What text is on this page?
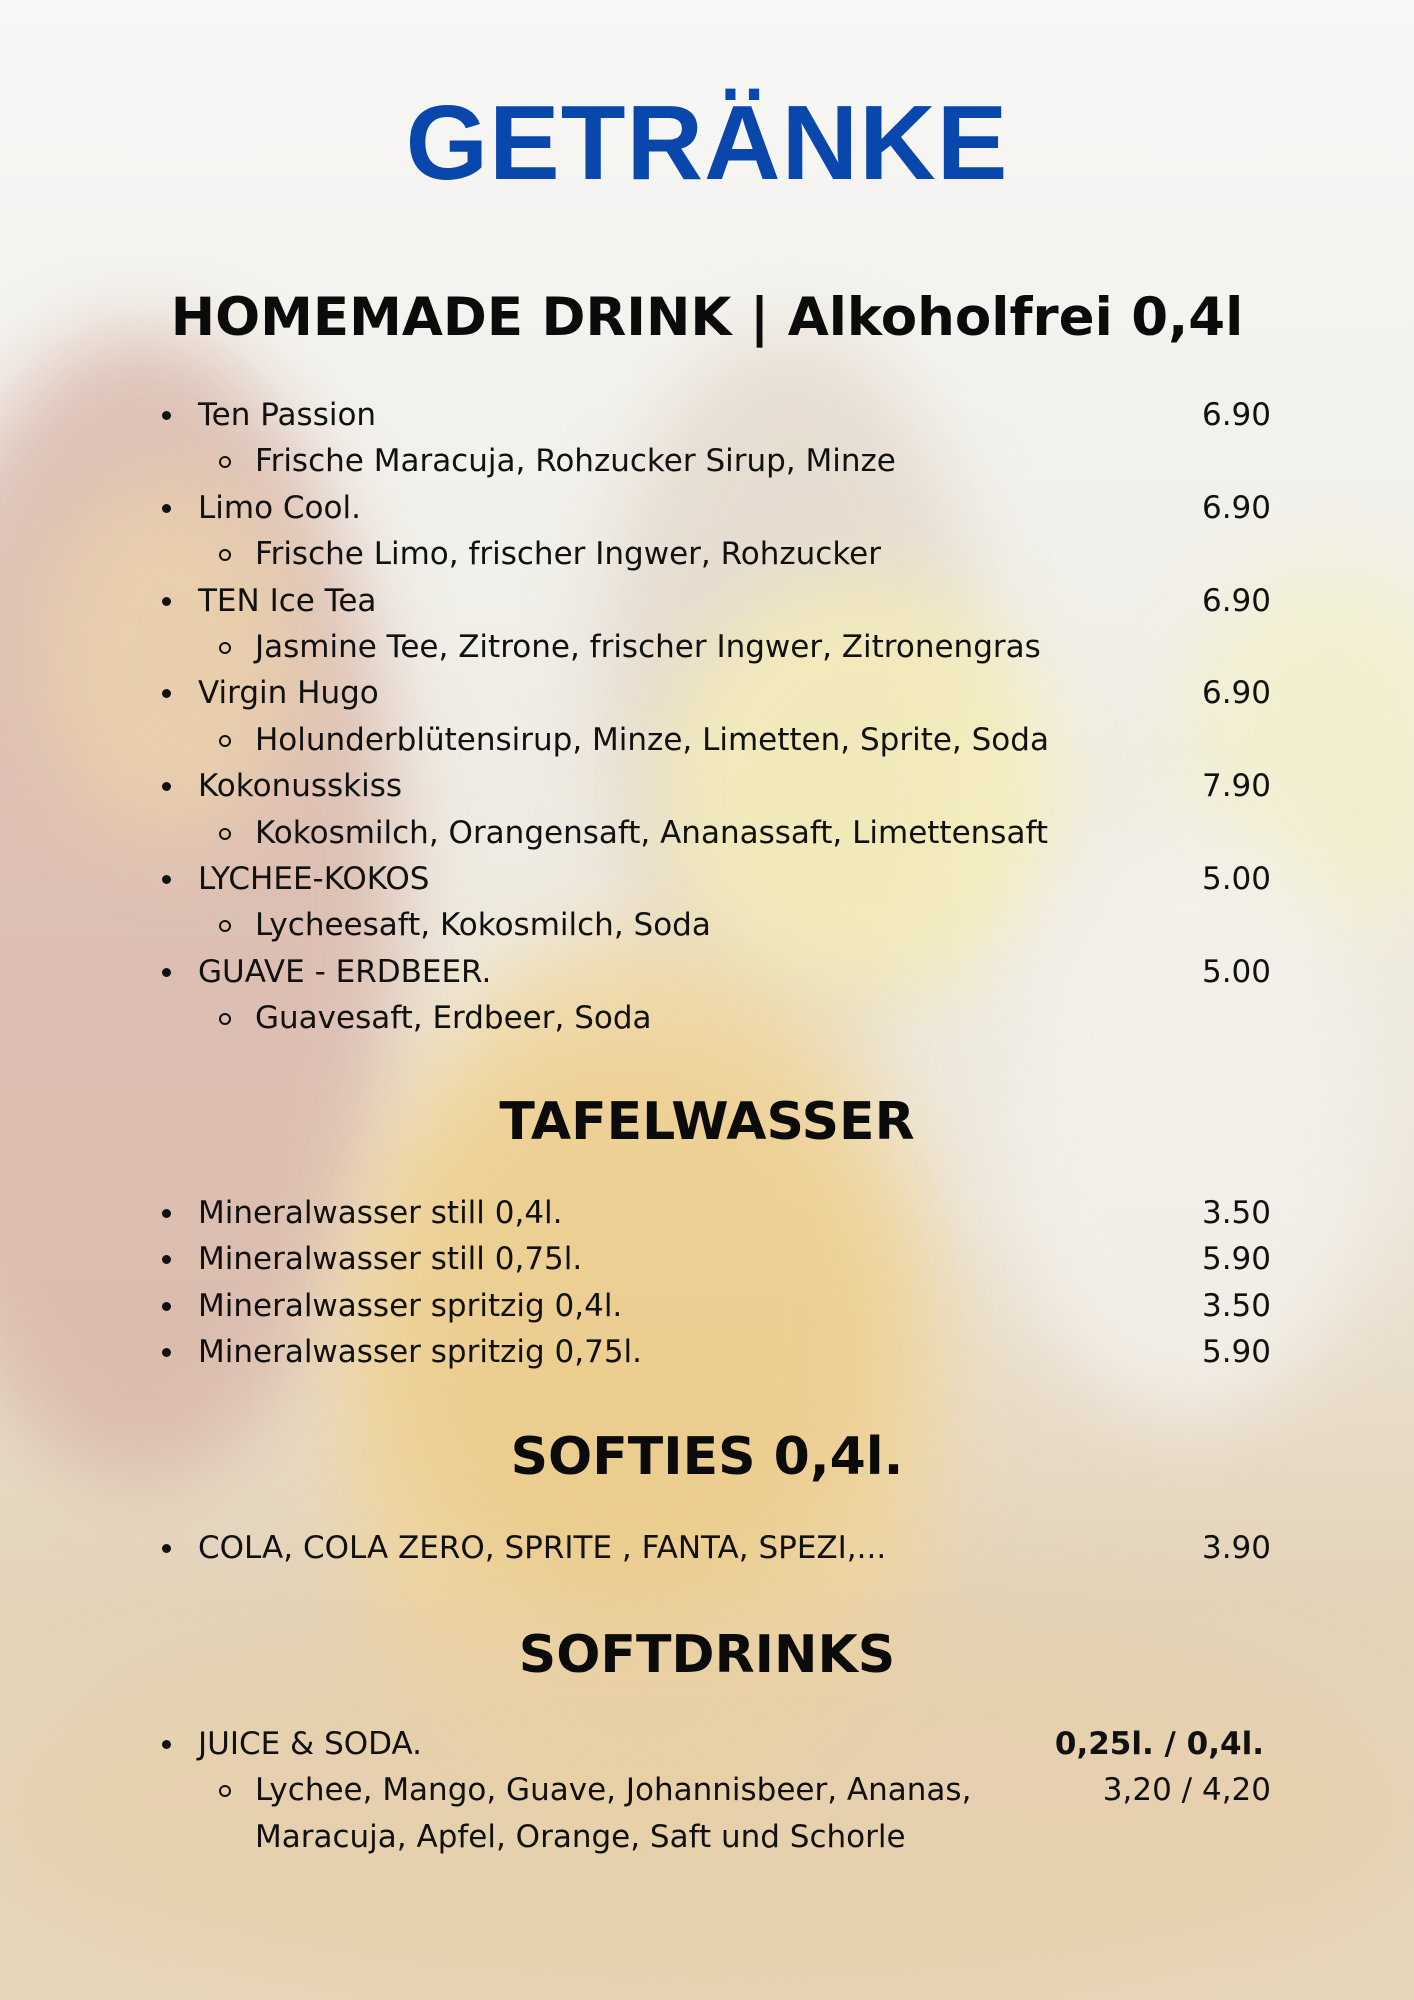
GETRÄNKE
HOMEMADE DRINK | Alkoholfrei 0,4l
Ten Passion	6.90
Frische Maracuja, Rohzucker Sirup, Minze
Limo Cool.	6.90
Frische Limo, frischer Ingwer, Rohzucker
TEN Ice Tea	6.90
Jasmine Tee, Zitrone, frischer Ingwer, Zitronengras
Virgin Hugo	6.90
Holunderblütensirup, Minze, Limetten, Sprite, Soda
Kokonusskiss	7.90
Kokosmilch, Orangensaft, Ananassaft, Limettensaft
LYCHEE-KOKOS	5.00
Lycheesaft, Kokosmilch, Soda
GUAVE - ERDBEER.	5.00
Guavesaft, Erdbeer, Soda
TAFELWASSER
Mineralwasser still 0,4l.	3.50
Mineralwasser still 0,75l.	5.90
Mineralwasser spritzig 0,4l.	3.50
Mineralwasser spritzig 0,75l.	5.90
SOFTIES 0,4l.
COLA, COLA ZERO, SPRITE , FANTA, SPEZI,...	3.90
SOFTDRINKS
JUICE & SODA.	0,25l. / 0,4l.
Lychee, Mango, Guave, Johannisbeer, Ananas,	3,20 / 4,20
Maracuja, Apfel, Orange, Saft und Schorle
